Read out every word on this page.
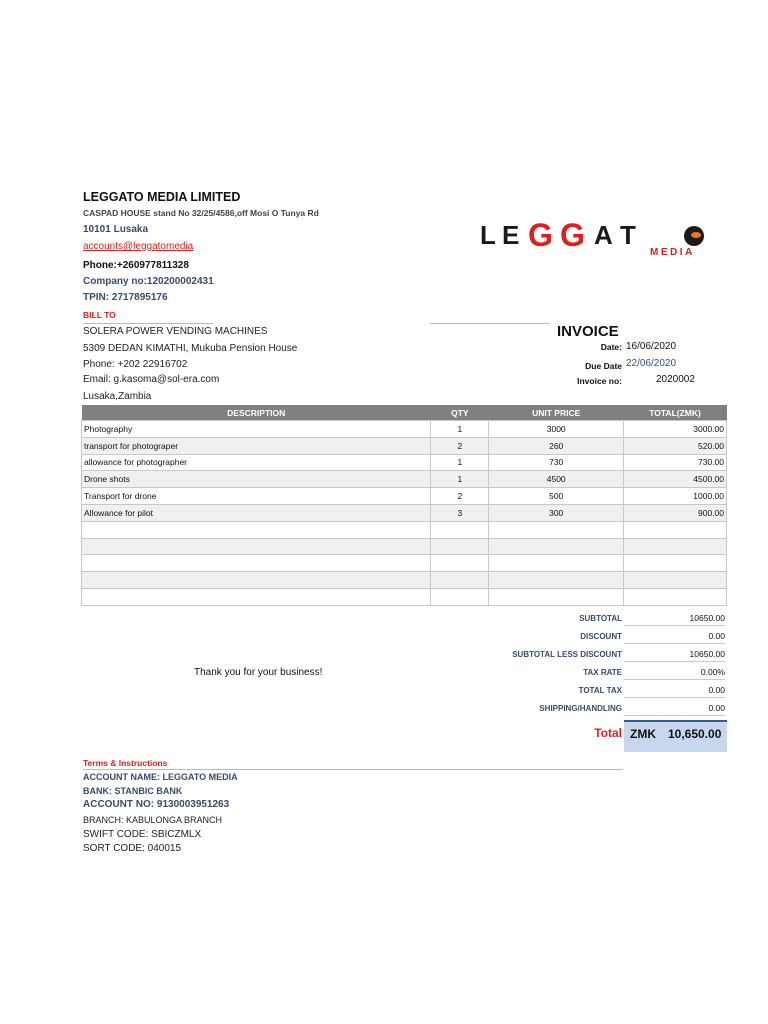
LEGGATO MEDIA LIMITED
CASPAD HOUSE stand No 32/25/4586,off Mosi O Tunya Rd
10101 Lusaka
accounts@leggatomedia
Phone:+260977811328
Company no:120200002431
TPIN: 2717895176
L E G G A T
MEDIA
BILL TO
SOLERA POWER VENDING MACHINES
5309 DEDAN KIMATHI, Mukuba Pension House
Phone: +202 22916702
Email: g.kasoma@sol-era.com
Lusaka,Zambia
INVOICE
Date: 16/06/2020
Due Date 22/06/2020
Invoice no:	2020002
DESCRIPTION	QTY	UNIT PRICE	TOTAL(ZMK)
Photography	1	3000	3000.00
transport for photograper	2	260	520.00
allowance for photographer	1	730	730.00
Drone shots	1	4500	4500.00
Transport for drone	2	500	1000.00
Allowance for pilot	3	300	900.00

SUBTOTAL	10650.00
DISCOUNT	0.00
SUBTOTAL LESS DISCOUNT	10650.00
TAX RATE	0.00%
TOTAL TAX	0.00
SHIPPING/HANDLING	0.00
Thank you for your business!
Total ZMK 10,650.00
Terms & Instructions
ACCOUNT NAME: LEGGATO MEDIA
BANK: STANBIC BANK
ACCOUNT NO: 9130003951263
BRANCH: KABULONGA BRANCH
SWIFT CODE: SBICZMLX
SORT CODE: 040015
